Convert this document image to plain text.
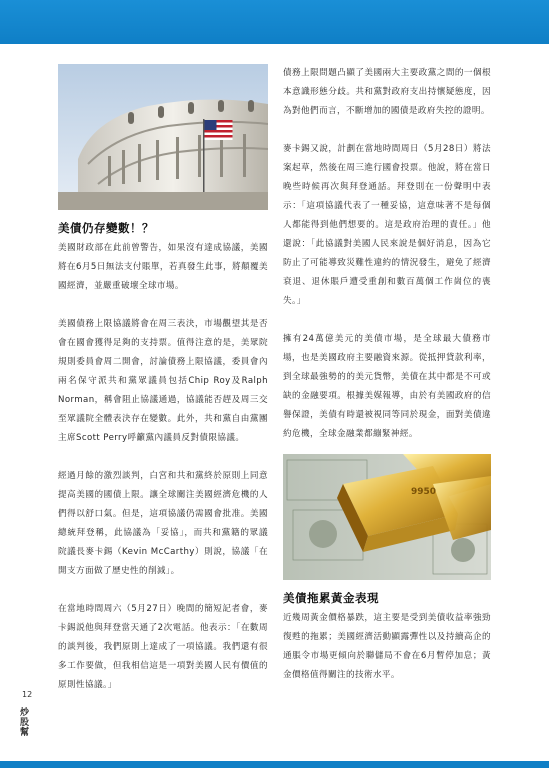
美債仍存變數！？

美國財政部在此前曾警告，如果沒有達成協議，美國將在6月5日無法支付賬單，若真發生此事，將顛覆美國經濟，並嚴重破壞全球市場。

美國債務上限協議將會在周三表決，市場觀望其是否會在國會獲得足夠的支持票。值得注意的是，美眾院規則委員會周二開會，討論債務上限協議，委員會內兩名保守派共和黨眾議員包括Chip Roy及Ralph Norman，稱會阻止協議通過，協議能否趕及周三交至眾議院全體表決存在變數。此外，共和黨自由黨團主席Scott Perry呼籲黨內議員反對債限協議。

經過月餘的激烈談判，白宮和共和黨終於原則上同意提高美國的國債上限。讓全球關注美國經濟危機的人們得以舒口氣。但是，這項協議仍需國會批准。美國總統拜登稱，此協議為「妥協」，而共和黨籍的眾議院議長麥卡錫（Kevin McCarthy）則說，協議「在開支方面做了歷史性的削減」。

在當地時間周六（5月27日）晚間的簡短記者會，麥卡錫説他與拜登當天通了2次電話。他表示：「在數周的談判後，我們原則上達成了一項協議。我們還有很多工作要做，但我相信這是一項對美國人民有價值的原則性協議。」

債務上限問題凸顯了美國兩大主要政黨之間的一個根本意識形態分歧。共和黨對政府支出持懷疑態度，因為對他們而言，不斷增加的國債是政府失控的證明。

麥卡錫又說，計劃在當地時間周日（5月28日）將法案起草，然後在周三進行國會投票。他說，將在當日晚些時候再次與拜登通話。拜登則在一份聲明中表示：「這項協議代表了一種妥協，這意味著不是每個人都能得到他們想要的。這是政府治理的責任。」他還說：「此協議對美國人民來說是個好消息，因為它防止了可能導致災難性違約的情況發生，避免了經濟衰退、退休賬戶遭受重創和數百萬個工作崗位的喪失。」

擁有24萬億美元的美債市場，是全球最大債務市場，也是美國政府主要融資來源。從抵押貸款利率，到全球最強勢的的美元貨幣，美債在其中都是不可或缺的金融要項。根據美媒報導，由於有美國政府的信譽保證，美債有時還被視同等同於現金，面對美債違約危機，全球金融業都繃緊神經。

9950
美債拖累黃金表現

近幾周黃金價格暴跌，這主要是受到美債收益率強勁復甦的拖累；美國經濟活動顯露彈性以及持續高企的通脹令市場更傾向於聯儲局不會在6月暫停加息；黃金價格值得關注的技術水平。

12
炒股幫
